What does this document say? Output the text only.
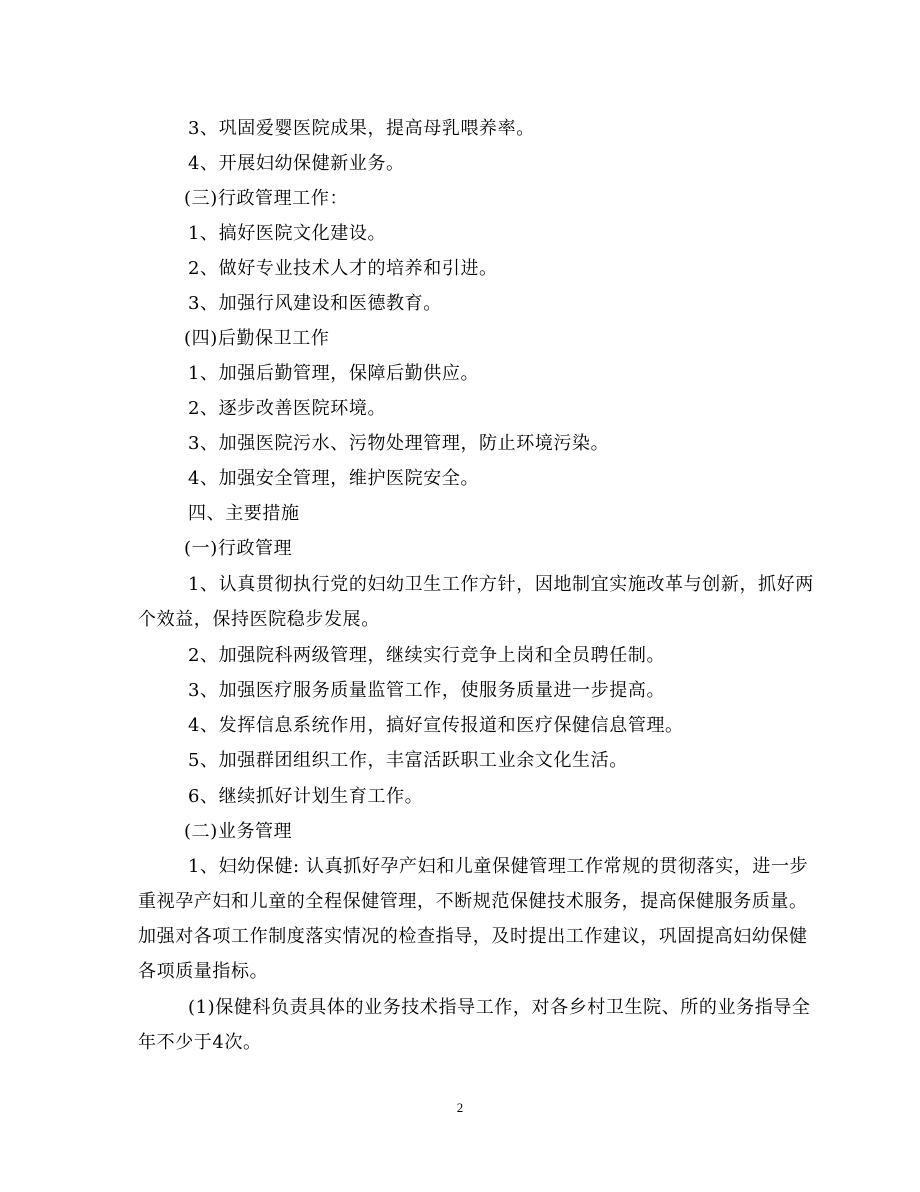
3、巩固爱婴医院成果，提高母乳喂养率。
4、开展妇幼保健新业务。
(三)行政管理工作：
1、搞好医院文化建设。
2、做好专业技术人才的培养和引进。
3、加强行风建设和医德教育。
(四)后勤保卫工作
1、加强后勤管理，保障后勤供应。
2、逐步改善医院环境。
3、加强医院污水、污物处理管理，防止环境污染。
4、加强安全管理，维护医院安全。
四、主要措施
(一)行政管理
1、认真贯彻执行党的妇幼卫生工作方针，因地制宜实施改革与创新，抓好两
个效益，保持医院稳步发展。
2、加强院科两级管理，继续实行竞争上岗和全员聘任制。
3、加强医疗服务质量监管工作，使服务质量进一步提高。
4、发挥信息系统作用，搞好宣传报道和医疗保健信息管理。
5、加强群团组织工作，丰富活跃职工业余文化生活。
6、继续抓好计划生育工作。
(二)业务管理
1、妇幼保健: 认真抓好孕产妇和儿童保健管理工作常规的贯彻落实，进一步
重视孕产妇和儿童的全程保健管理，不断规范保健技术服务，提高保健服务质量。
加强对各项工作制度落实情况的检查指导，及时提出工作建议，巩固提高妇幼保健
各项质量指标。
(1)保健科负责具体的业务技术指导工作，对各乡村卫生院、所的业务指导全
年不少于4次。
2
